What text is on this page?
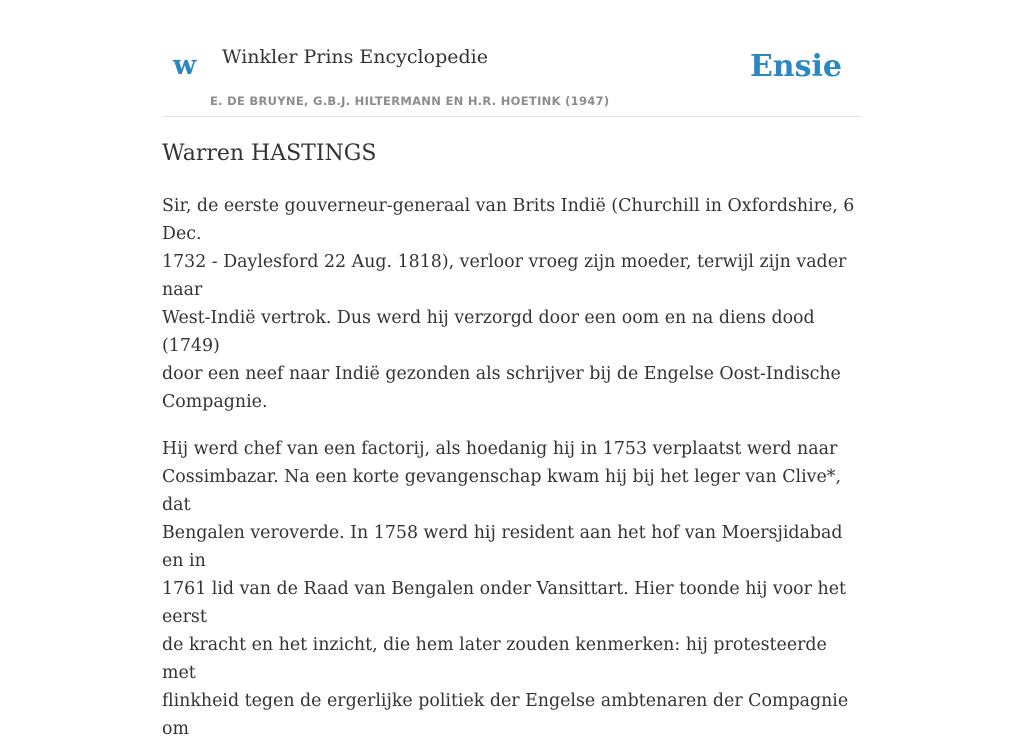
w Winkler Prins Encyclopedie
E. DE BRUYNE, G.B.J. HILTERMANN EN H.R. HOETINK (1947)
Ensie
Warren HASTINGS

Sir, de eerste gouverneur-generaal van Brits Indië (Churchill in Oxfordshire, 6 Dec.
1732 - Daylesford 22 Aug. 1818), verloor vroeg zijn moeder, terwijl zijn vader naar
West-Indië vertrok. Dus werd hij verzorgd door een oom en na diens dood (1749)
door een neef naar Indië gezonden als schrijver bij de Engelse Oost-Indische
Compagnie.

Hij werd chef van een factorij, als hoedanig hij in 1753 verplaatst werd naar
Cossimbazar. Na een korte gevangenschap kwam hij bij het leger van Clive*, dat
Bengalen veroverde. In 1758 werd hij resident aan het hof van Moersjidabad en in
1761 lid van de Raad van Bengalen onder Vansittart. Hier toonde hij voor het eerst
de kracht en het inzicht, die hem later zouden kenmerken: hij protesteerde met
flinkheid tegen de ergerlijke politiek der Engelse ambtenaren der Compagnie om
